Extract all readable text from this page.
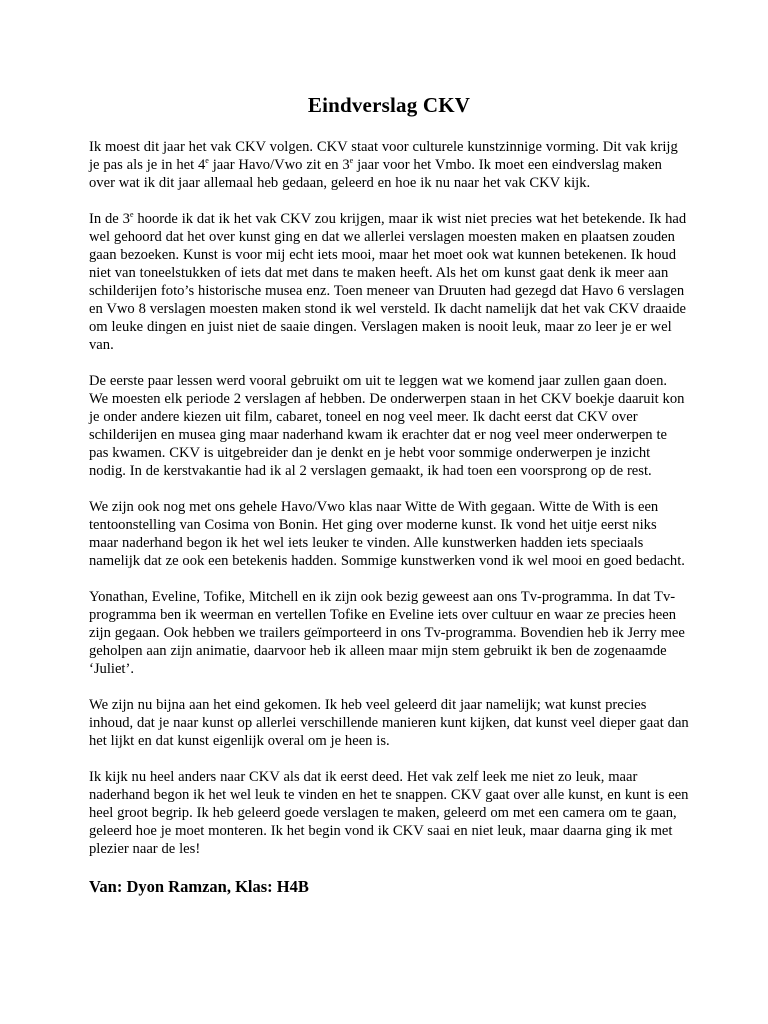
Eindverslag CKV

Ik moest dit jaar het vak CKV volgen. CKV staat voor culturele kunstzinnige vorming. Dit vak krijg je pas als je in het 4e jaar Havo/Vwo zit en 3e jaar voor het Vmbo. Ik moet een eindverslag maken over wat ik dit jaar allemaal heb gedaan, geleerd en hoe ik nu naar het vak CKV kijk.

In de 3e hoorde ik dat ik het vak CKV zou krijgen, maar ik wist niet precies wat het betekende. Ik had wel gehoord dat het over kunst ging en dat we allerlei verslagen moesten maken en plaatsen zouden gaan bezoeken. Kunst is voor mij echt iets mooi, maar het moet ook wat kunnen betekenen. Ik houd niet van toneelstukken of iets dat met dans te maken heeft. Als het om kunst gaat denk ik meer aan schilderijen foto’s historische musea enz. Toen meneer van Druuten had gezegd dat Havo 6 verslagen en Vwo 8 verslagen moesten maken stond ik wel versteld. Ik dacht namelijk dat het vak CKV draaide om leuke dingen en juist niet de saaie dingen. Verslagen maken is nooit leuk, maar zo leer je er wel van.

De eerste paar lessen werd vooral gebruikt om uit te leggen wat we komend jaar zullen gaan doen. We moesten elk periode 2 verslagen af hebben. De onderwerpen staan in het CKV boekje daaruit kon je onder andere kiezen uit film, cabaret, toneel en nog veel meer. Ik dacht eerst dat CKV over schilderijen en musea ging maar naderhand kwam ik erachter dat er nog veel meer onderwerpen te pas kwamen. CKV is uitgebreider dan je denkt en je hebt voor sommige onderwerpen je inzicht nodig. In de kerstvakantie had ik al 2 verslagen gemaakt, ik had toen een voorsprong op de rest.

We zijn ook nog met ons gehele Havo/Vwo klas naar Witte de With gegaan. Witte de With is een tentoonstelling van Cosima von Bonin. Het ging over moderne kunst. Ik vond het uitje eerst niks maar naderhand begon ik het wel iets leuker te vinden. Alle kunstwerken hadden iets speciaals namelijk dat ze ook een betekenis hadden. Sommige kunstwerken vond ik wel mooi en goed bedacht.

Yonathan, Eveline, Tofike, Mitchell en ik zijn ook bezig geweest aan ons Tv-programma. In dat Tv-programma ben ik weerman en vertellen Tofike en Eveline iets over cultuur en waar ze precies heen zijn gegaan. Ook hebben we trailers geïmporteerd in ons Tv-programma. Bovendien heb ik Jerry mee geholpen aan zijn animatie, daarvoor heb ik alleen maar mijn stem gebruikt ik ben de zogenaamde ‘Juliet’.

We zijn nu bijna aan het eind gekomen. Ik heb veel geleerd dit jaar namelijk; wat kunst precies inhoud, dat je naar kunst op allerlei verschillende manieren kunt kijken, dat kunst veel dieper gaat dan het lijkt en dat kunst eigenlijk overal om je heen is.

Ik kijk nu heel anders naar CKV als dat ik eerst deed. Het vak zelf leek me niet zo leuk, maar naderhand begon ik het wel leuk te vinden en het te snappen. CKV gaat over alle kunst, en kunt is een heel groot begrip. Ik heb geleerd goede verslagen te maken, geleerd om met een camera om te gaan, geleerd hoe je moet monteren. Ik het begin vond ik CKV saai en niet leuk, maar daarna ging ik met plezier naar de les!

Van: Dyon Ramzan, Klas: H4B
